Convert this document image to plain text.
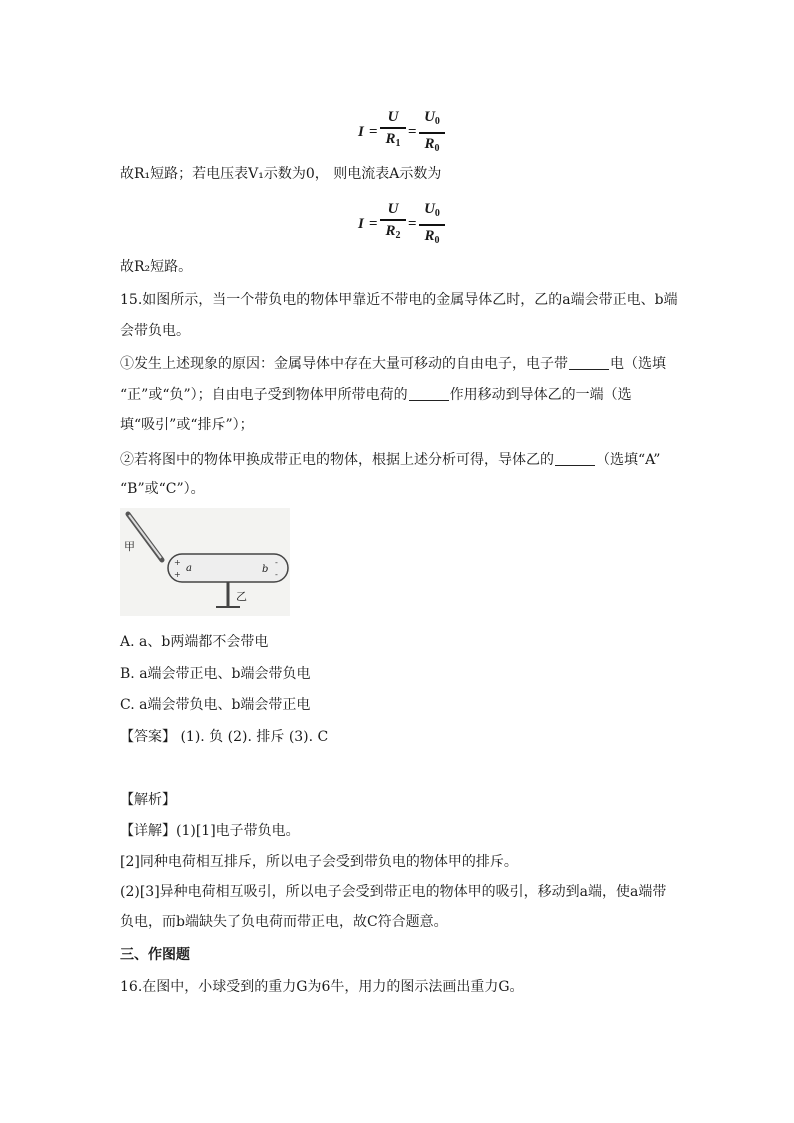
I =
U
$R_1$
=
$U_0$
$R_0$
故R₁短路；若电压表V₁示数为0， 则电流表A示数为
I =
U
$R_2$
=
$U_0$
$R_0$
故R₂短路。
15.如图所示，当一个带负电的物体甲靠近不带电的金属导体乙时，乙的a端会带正电、b端
会带负电。
①发生上述现象的原因：金属导体中存在大量可移动的自由电子，电子带	电（选填
“正”或“负”）；自由电子受到物体甲所带电荷的	作用移动到导体乙的一端（选
填“吸引”或“排斥”）；
②若将图中的物体甲换成带正电的物体，根据上述分析可得，导体乙的	（选填“A”
“B”或“C”）。
甲
+
+
a	b
-
-
乙
A. a、b两端都不会带电
B. a端会带正电、b端会带负电
C. a端会带负电、b端会带正电
【答案】 (1). 负 (2). 排斥 (3). C
【解析】
【详解】(1)[1]电子带负电。
[2]同种电荷相互排斥，所以电子会受到带负电的物体甲的排斥。
(2)[3]异种电荷相互吸引，所以电子会受到带正电的物体甲的吸引，移动到a端，使a端带
负电，而b端缺失了负电荷而带正电，故C符合题意。
三、作图题
16.在图中，小球受到的重力G为6牛，用力的图示法画出重力G。
